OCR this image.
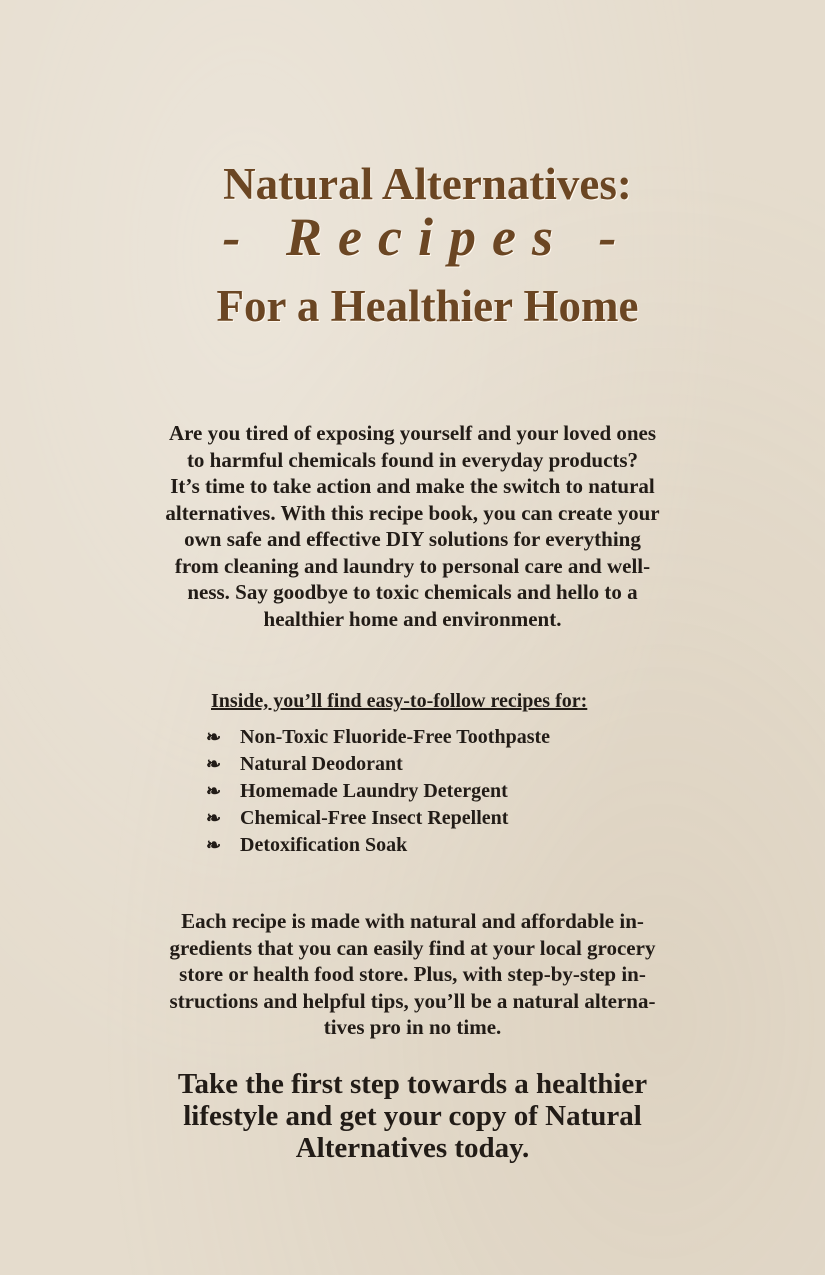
Natural Alternatives:
- Recipes -
For a Healthier Home
Are you tired of exposing yourself and your loved ones
to harmful chemicals found in everyday products?
It’s time to take action and make the switch to natural
alternatives. With this recipe book, you can create your
own safe and effective DIY solutions for everything
from cleaning and laundry to personal care and well-
ness. Say goodbye to toxic chemicals and hello to a
healthier home and environment.
Inside, you’ll find easy-to-follow recipes for:
❧ Non-Toxic Fluoride-Free Toothpaste
❧ Natural Deodorant
❧ Homemade Laundry Detergent
❧ Chemical-Free Insect Repellent
❧ Detoxification Soak
Each recipe is made with natural and affordable in-
gredients that you can easily find at your local grocery
store or health food store. Plus, with step-by-step in-
structions and helpful tips, you’ll be a natural alterna-
tives pro in no time.
Take the first step towards a healthier
lifestyle and get your copy of Natural
Alternatives today.
